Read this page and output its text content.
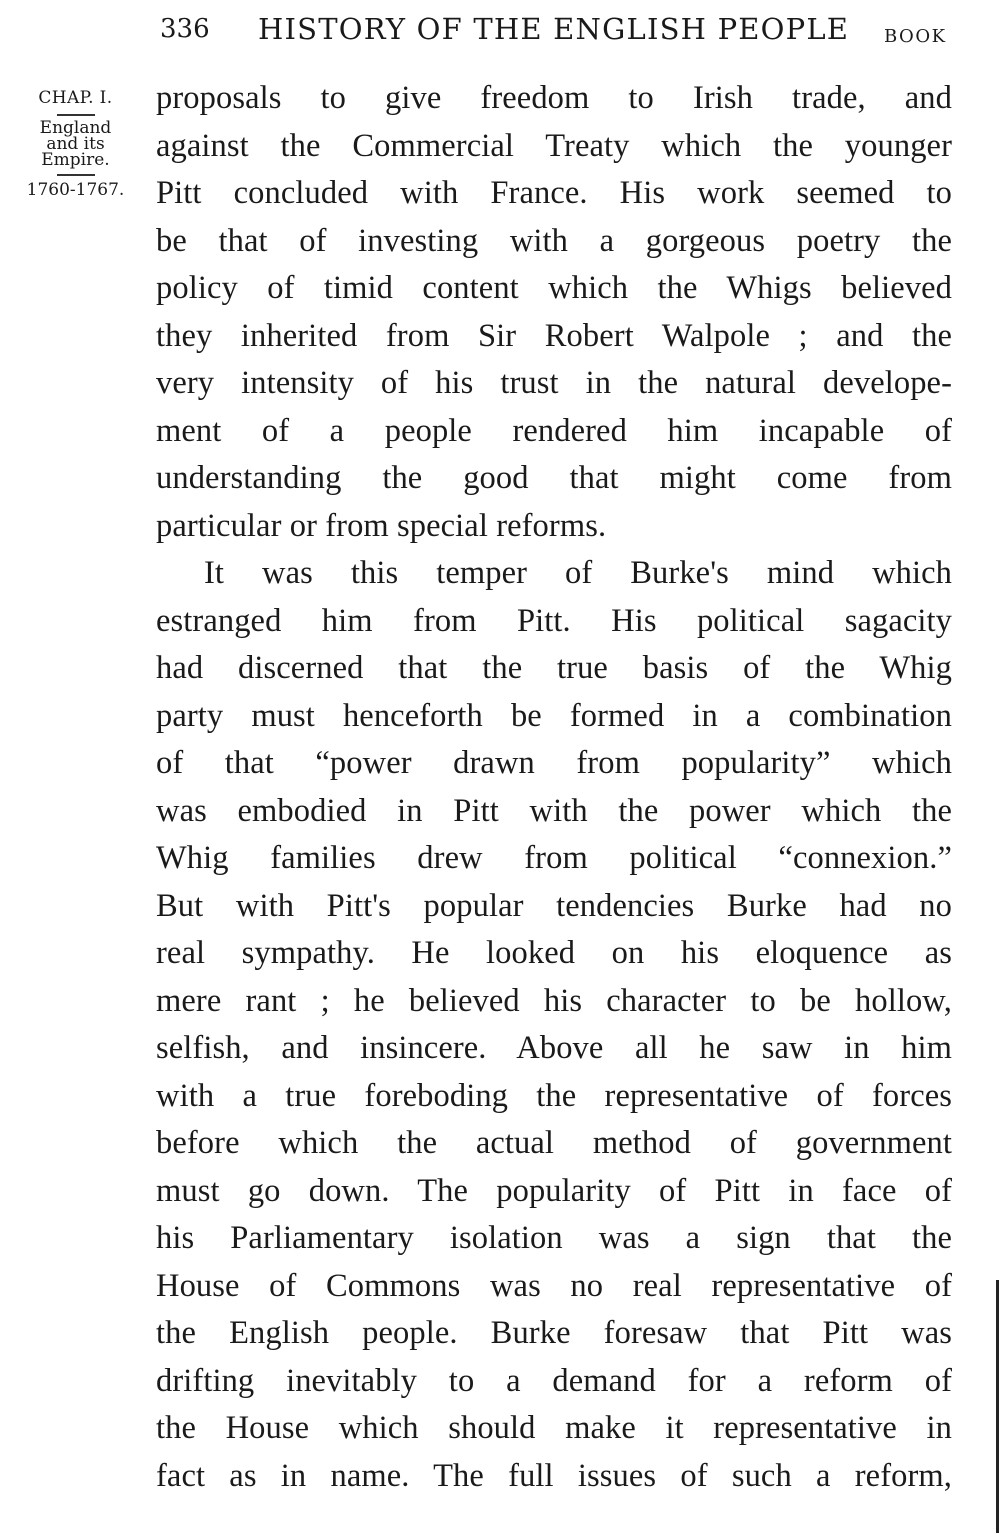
336 HISTORY OF THE ENGLISH PEOPLE BOOK
CHAP. I.
England
and its
Empire.
1760-1767.
proposals to give freedom to Irish trade, and
against the Commercial Treaty which the younger
Pitt concluded with France. His work seemed to
be that of investing with a gorgeous poetry the
policy of timid content which the Whigs believed
they inherited from Sir Robert Walpole ; and the
very intensity of his trust in the natural develope-
ment of a people rendered him incapable of
understanding the good that might come from
particular or from special reforms.
It was this temper of Burke's mind which
estranged him from Pitt. His political sagacity
had discerned that the true basis of the Whig
party must henceforth be formed in a combination
of that “power drawn from popularity” which
was embodied in Pitt with the power which the
Whig families drew from political “connexion.”
But with Pitt's popular tendencies Burke had no
real sympathy. He looked on his eloquence as
mere rant ; he believed his character to be hollow,
selfish, and insincere. Above all he saw in him
with a true foreboding the representative of forces
before which the actual method of government
must go down. The popularity of Pitt in face of
his Parliamentary isolation was a sign that the
House of Commons was no real representative of
the English people. Burke foresaw that Pitt was
drifting inevitably to a demand for a reform of
the House which should make it representative in
fact as in name. The full issues of such a reform,
